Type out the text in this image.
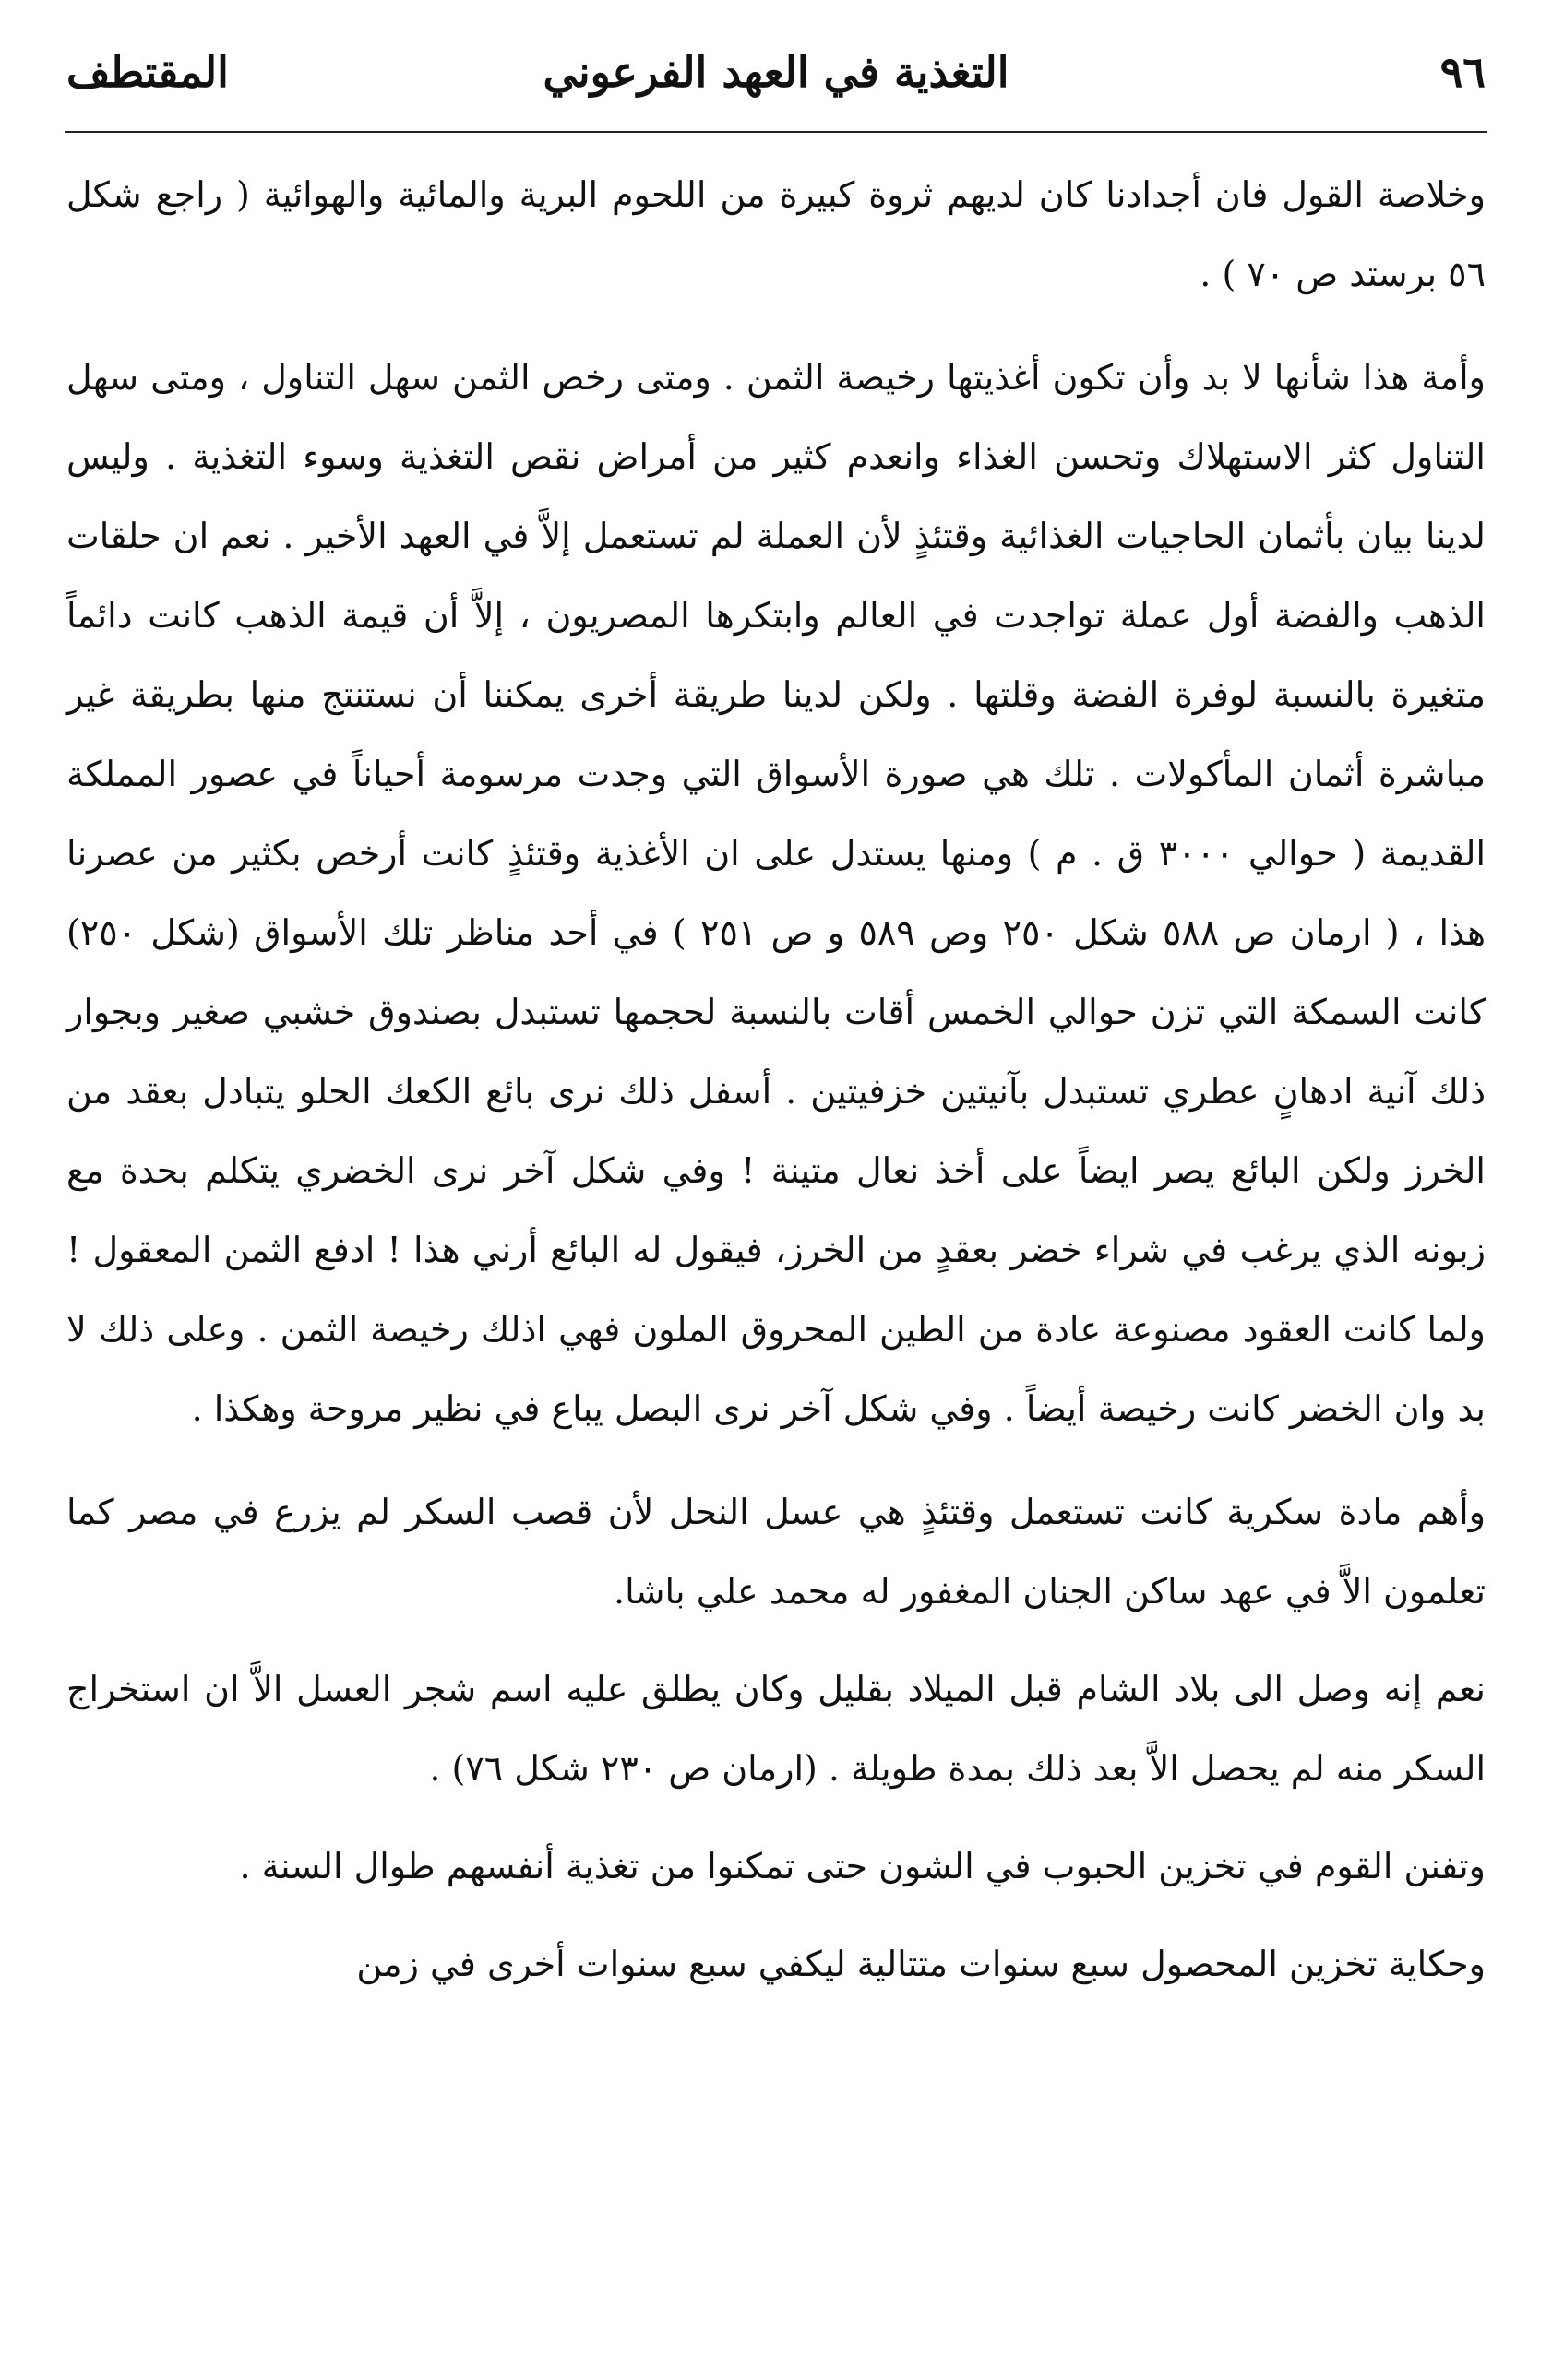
٩٦
التغذية في العهد الفرعوني
المقتطف

وخلاصة القول فان أجدادنا كان لديهم ثروة كبيرة من اللحوم البرية والمائية والهوائية ( راجع شكل ٥٦ برستد ص ٧٠ ) .

وأمة هذا شأنها لا بد وأن تكون أغذيتها رخيصة الثمن . ومتى رخص الثمن سهل التناول ، ومتى سهل التناول كثر الاستهلاك وتحسن الغذاء وانعدم كثير من أمراض نقص التغذية وسوء التغذية . وليس لدينا بيان بأثمان الحاجيات الغذائية وقتئذٍ لأن العملة لم تستعمل إلاَّ في العهد الأخير . نعم ان حلقات الذهب والفضة أول عملة تواجدت في العالم وابتكرها المصريون ، إلاَّ أن قيمة الذهب كانت دائماً متغيرة بالنسبة لوفرة الفضة وقلتها . ولكن لدينا طريقة أخرى يمكننا أن نستنتج منها بطريقة غير مباشرة أثمان المأكولات . تلك هي صورة الأسواق التي وجدت مرسومة أحياناً في عصور المملكة القديمة ( حوالي ٣٠٠٠ ق . م ) ومنها يستدل على ان الأغذية وقتئذٍ كانت أرخص بكثير من عصرنا هذا ، ( ارمان ص ٥٨٨ شكل ٢٥٠ وص ٥٨٩ و ص ٢٥١ ) في أحد مناظر تلك الأسواق (شكل ٢٥٠) كانت السمكة التي تزن حوالي الخمس أقات بالنسبة لحجمها تستبدل بصندوق خشبي صغير وبجوار ذلك آنية ادهانٍ عطري تستبدل بآنيتين خزفيتين . أسفل ذلك نرى بائع الكعك الحلو يتبادل بعقد من الخرز ولكن البائع يصر ايضاً على أخذ نعال متينة ! وفي شكل آخر نرى الخضري يتكلم بحدة مع زبونه الذي يرغب في شراء خضر بعقدٍ من الخرز، فيقول له البائع أرني هذا ! ادفع الثمن المعقول ! ولما كانت العقود مصنوعة عادة من الطين المحروق الملون فهي اذلك رخيصة الثمن . وعلى ذلك لا بد وان الخضر كانت رخيصة أيضاً . وفي شكل آخر نرى البصل يباع في نظير مروحة وهكذا .

وأهم مادة سكرية كانت تستعمل وقتئذٍ هي عسل النحل لأن قصب السكر لم يزرع في مصر كما تعلمون الاَّ في عهد ساكن الجنان المغفور له محمد علي باشا.

نعم إنه وصل الى بلاد الشام قبل الميلاد بقليل وكان يطلق عليه اسم شجر العسل الاَّ ان استخراج السكر منه لم يحصل الاَّ بعد ذلك بمدة طويلة . (ارمان ص ٢٣٠ شكل ٧٦) .

وتفنن القوم في تخزين الحبوب في الشون حتى تمكنوا من تغذية أنفسهم طوال السنة .

وحكاية تخزين المحصول سبع سنوات متتالية ليكفي سبع سنوات أخرى في زمن
